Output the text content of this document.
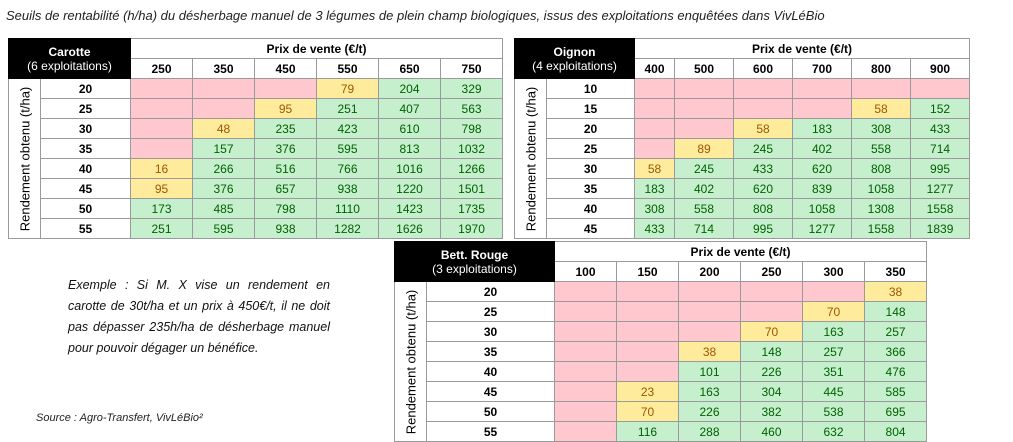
Seuils de rentabilité (h/ha) du désherbage manuel de 3 légumes de plein champ biologiques, issus des exploitations enquêtées dans VivLéBio
Carotte
(6 exploitations)		Prix de vente (€/t)					
		250	350	450	550	650	750

Rendement obtenu (t/ha)	20				79	204	329
	25			95	251	407	563
	30		48	235	423	610	798
	35		157	376	595	813	1032
	40	16	266	516	766	1016	1266
	45	95	376	657	938	1220	1501
	50	173	485	798	1110	1423	1735
	55	251	595	938	1282	1626	1970
Oignon
(4 exploitations)		Prix de vente (€/t)					
		400	500	600	700	800	900

Rendement obtenu (t/ha)	10						
	15					58	152
	20			58	183	308	433
	25		89	245	402	558	714
	30	58	245	433	620	808	995
	35	183	402	620	839	1058	1277
	40	308	558	808	1058	1308	1558
	45	433	714	995	1277	1558	1839
Bett. Rouge
(3 exploitations)		Prix de vente (€/t)					
		100	150	200	250	300	350

Rendement obtenu (t/ha)	20						38
	25					70	148
	30				70	163	257
	35			38	148	257	366
	40			101	226	351	476
	45		23	163	304	445	585
	50		70	226	382	538	695
	55		116	288	460	632	804
Exemple : Si M. X vise un rendement en carotte de 30t/ha et un prix à 450€/t, il ne doit pas dépasser 235h/ha de désherbage manuel pour pouvoir dégager un bénéfice.
Source : Agro-Transfert, VivLéBio²
